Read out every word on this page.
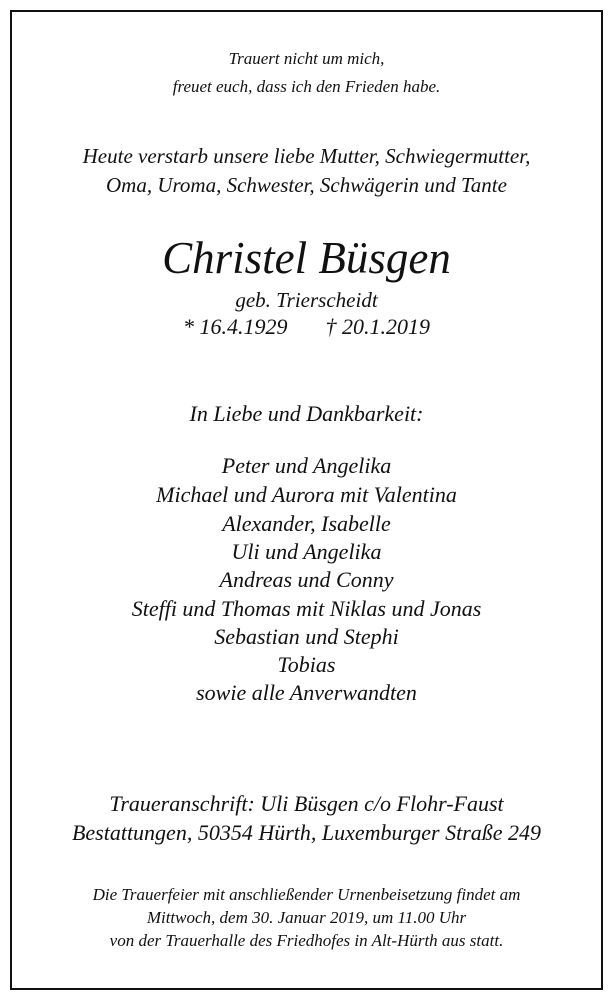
Trauert nicht um mich,
freuet euch, dass ich den Frieden habe.
Heute verstarb unsere liebe Mutter, Schwiegermutter,
Oma, Uroma, Schwester, Schwägerin und Tante
Christel Büsgen
geb. Trierscheidt
* 16.4.1929 † 20.1.2019
In Liebe und Dankbarkeit:
Peter und Angelika
Michael und Aurora mit Valentina
Alexander, Isabelle
Uli und Angelika
Andreas und Conny
Steffi und Thomas mit Niklas und Jonas
Sebastian und Stephi
Tobias
sowie alle Anverwandten
Traueranschrift: Uli Büsgen c/o Flohr-Faust
Bestattungen, 50354 Hürth, Luxemburger Straße 249
Die Trauerfeier mit anschließender Urnenbeisetzung findet am
Mittwoch, dem 30. Januar 2019, um 11.00 Uhr
von der Trauerhalle des Friedhofes in Alt-Hürth aus statt.
